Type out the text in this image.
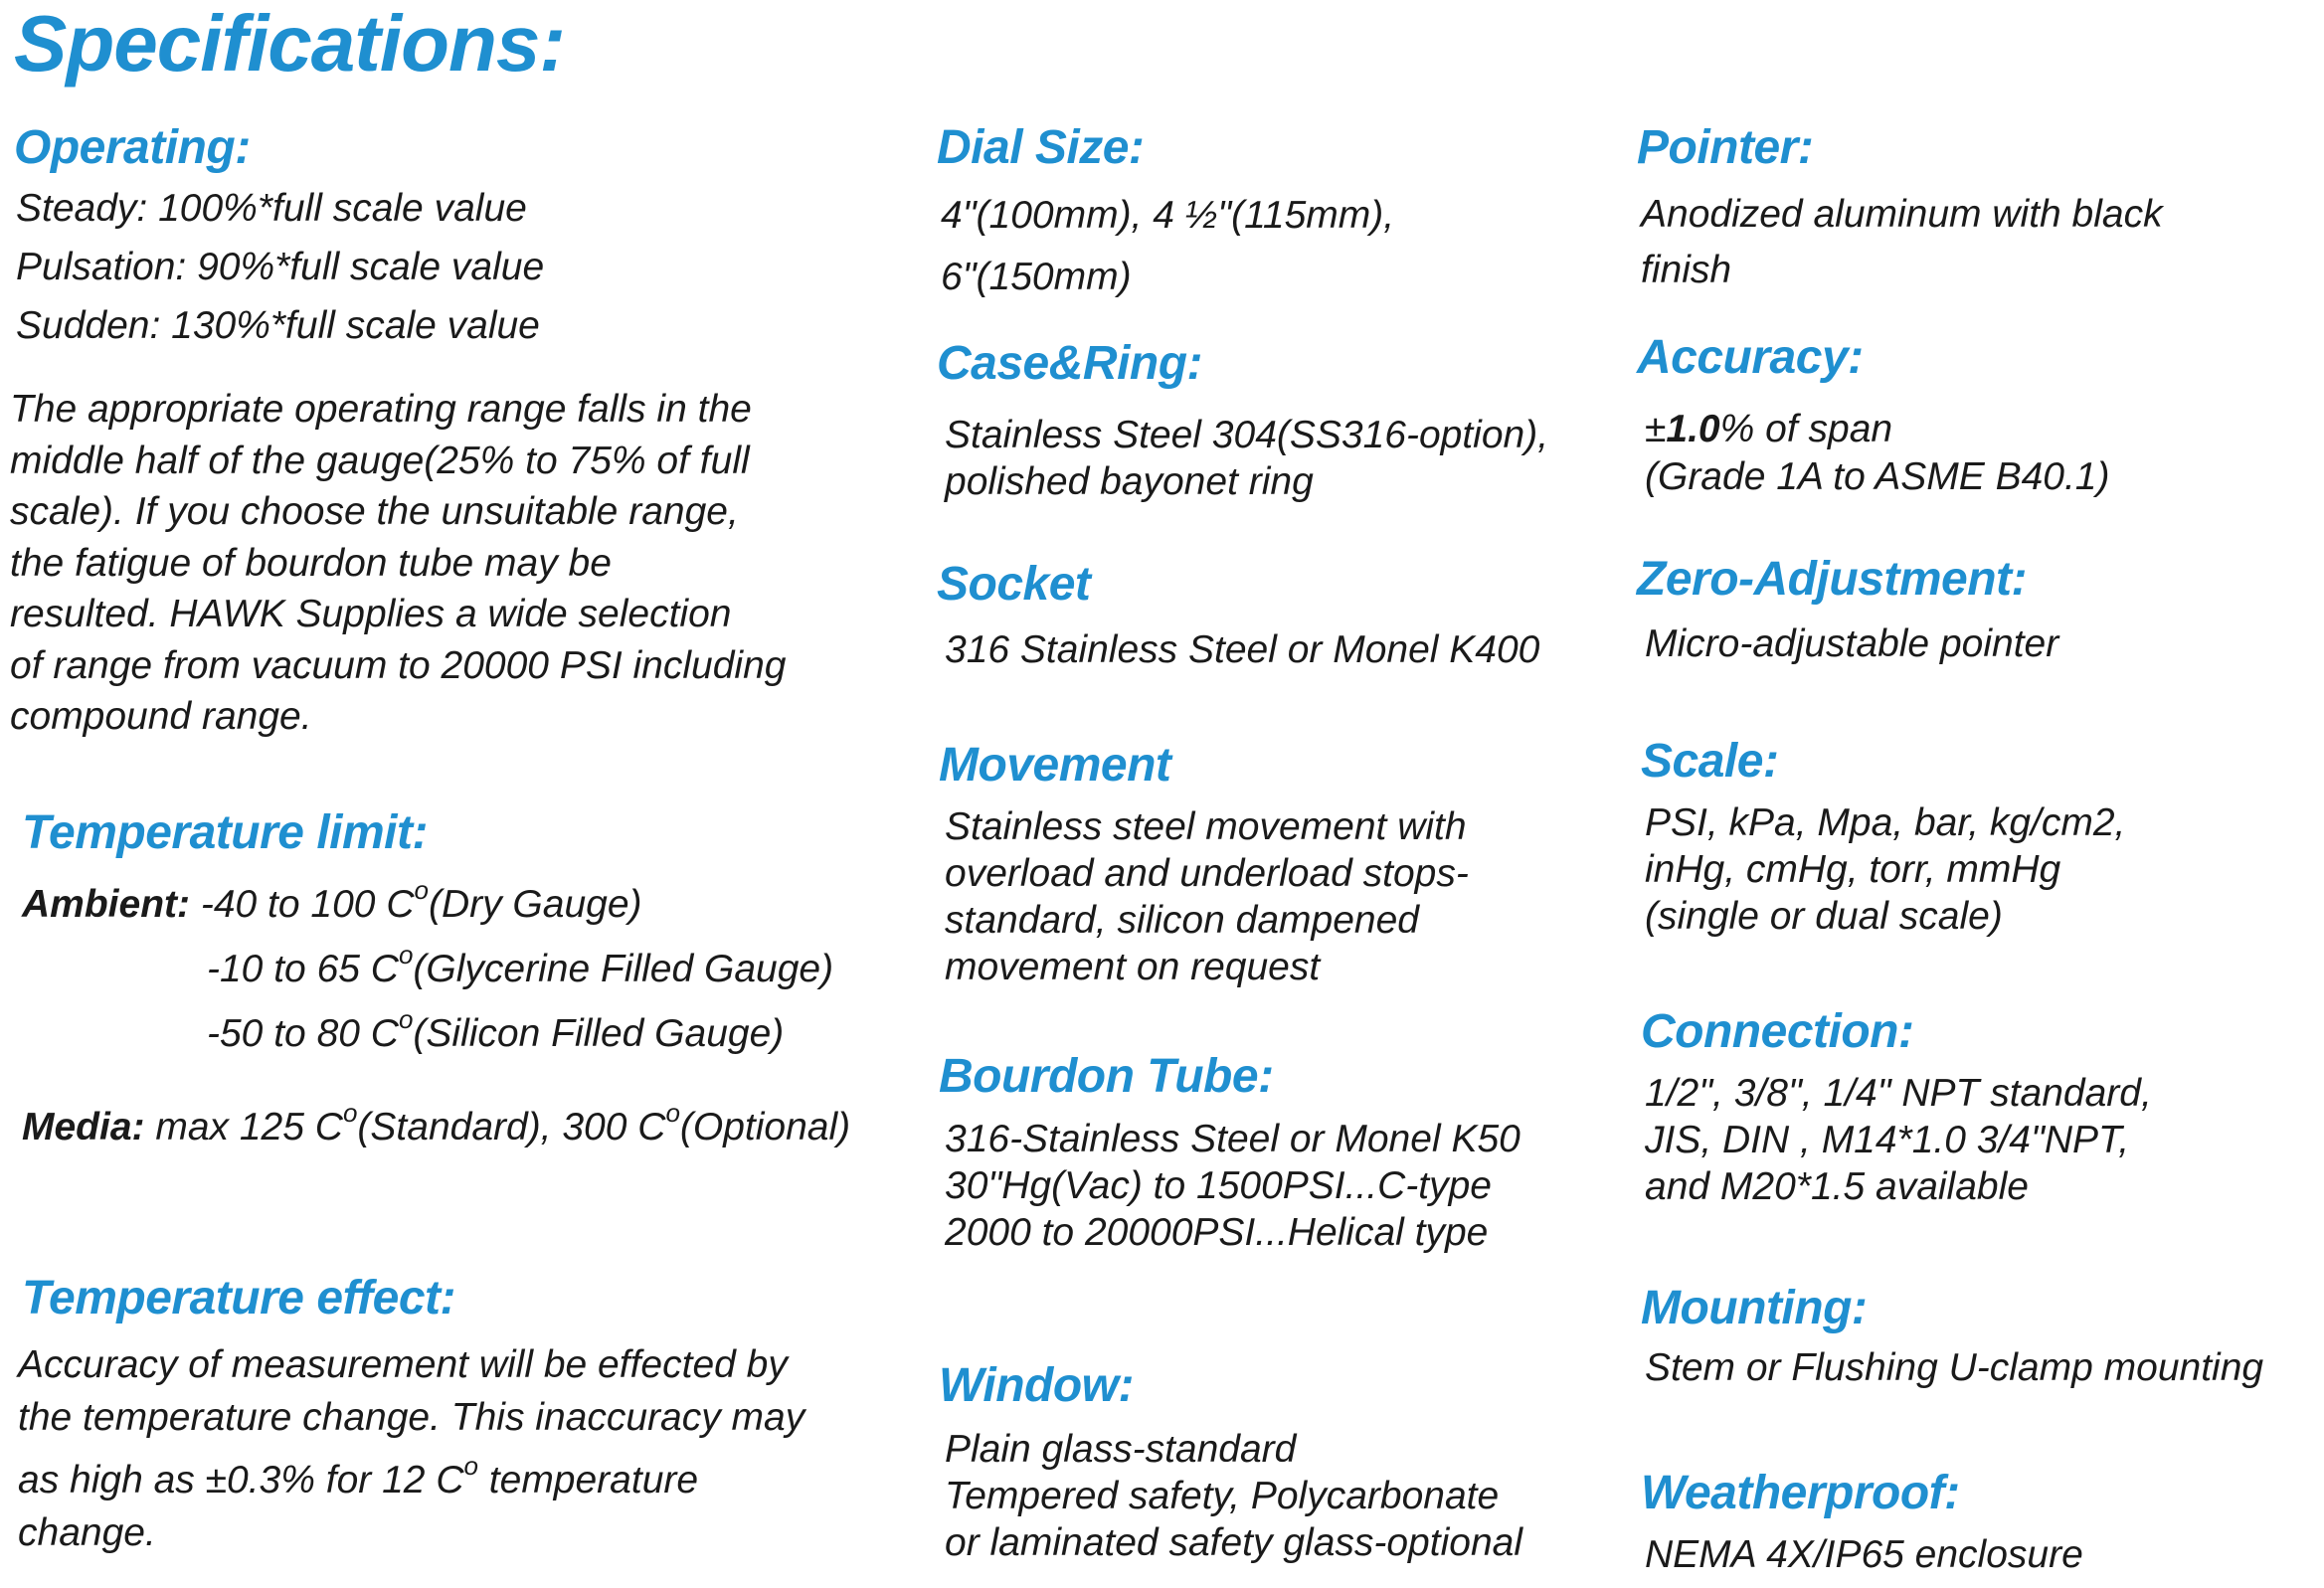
Specifications:
Operating:
Steady: 100%*full scale value
Pulsation: 90%*full scale value
Sudden: 130%*full scale value
The appropriate operating range falls in the
middle half of the gauge(25% to 75% of full
scale). If you choose the unsuitable range,
the fatigue of bourdon tube may be
resulted. HAWK Supplies a wide selection
of range from vacuum to 20000 PSI including
compound range.
Temperature limit:
Ambient: -40 to 100 $C^o(Dry$ Gauge)
-10 to 65 $C^o(Glycerine$ Filled Gauge)
-50 to 80 $C^o(Silicon$ Filled Gauge)
Media: max 125 $C^o(Standard)$, 300 $C^o(Optional)$
Temperature effect:
Accuracy of measurement will be effected by
the temperature change. This inaccuracy may
as high as ±0.3% for 12 $C^o$ temperature
change.
Dial Size:
4"(100mm), 4 ½"(115mm),
6"(150mm)
Case&Ring:
Stainless Steel 304(SS316-option),
polished bayonet ring
Socket
316 Stainless Steel or Monel K400
Movement
Stainless steel movement with
overload and underload stops-
standard, silicon dampened
movement on request
Bourdon Tube:
316-Stainless Steel or Monel K50
30"Hg(Vac) to 1500PSI...C-type
2000 to 20000PSI...Helical type
Window:
Plain glass-standard
Tempered safety, Polycarbonate
or laminated safety glass-optional
Pointer:
Anodized aluminum with black
finish
Accuracy:
±1.0% of span
(Grade 1A to ASME B40.1)
Zero-Adjustment:
Micro-adjustable pointer
Scale:
PSI, kPa, Mpa, bar, kg/cm2,
inHg, cmHg, torr, mmHg
(single or dual scale)
Connection:
1/2", 3/8", 1/4" NPT standard,
JIS, DIN , M14*1.0 3/4"NPT,
and M20*1.5 available
Mounting:
Stem or Flushing U-clamp mounting
Weatherproof:
NEMA 4X/IP65 enclosure
